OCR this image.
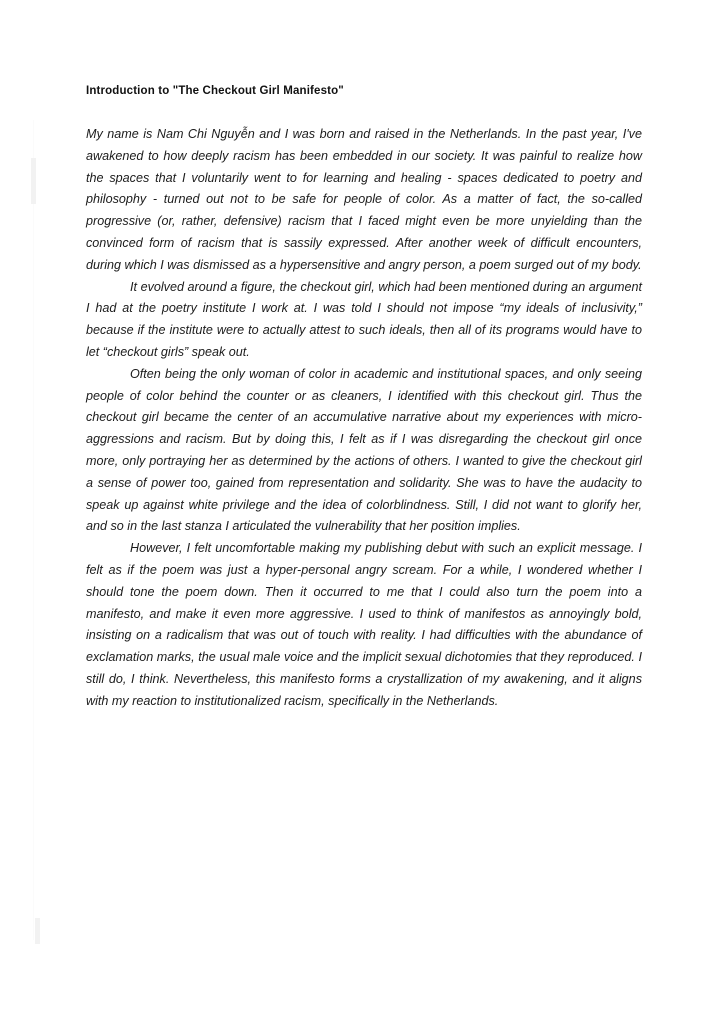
Introduction to "The Checkout Girl Manifesto"

My name is Nam Chi Nguyễn and I was born and raised in the Netherlands. In the past year, I've awakened to how deeply racism has been embedded in our society. It was painful to realize how the spaces that I voluntarily went to for learning and healing - spaces dedicated to poetry and philosophy - turned out not to be safe for people of color. As a matter of fact, the so-called progressive (or, rather, defensive) racism that I faced might even be more unyielding than the convinced form of racism that is sassily expressed. After another week of difficult encounters, during which I was dismissed as a hypersensitive and angry person, a poem surged out of my body.

It evolved around a figure, the checkout girl, which had been mentioned during an argument I had at the poetry institute I work at. I was told I should not impose “my ideals of inclusivity,” because if the institute were to actually attest to such ideals, then all of its programs would have to let “checkout girls” speak out.

Often being the only woman of color in academic and institutional spaces, and only seeing people of color behind the counter or as cleaners, I identified with this checkout girl. Thus the checkout girl became the center of an accumulative narrative about my experiences with micro-aggressions and racism. But by doing this, I felt as if I was disregarding the checkout girl once more, only portraying her as determined by the actions of others. I wanted to give the checkout girl a sense of power too, gained from representation and solidarity. She was to have the audacity to speak up against white privilege and the idea of colorblindness. Still, I did not want to glorify her, and so in the last stanza I articulated the vulnerability that her position implies.

However, I felt uncomfortable making my publishing debut with such an explicit message. I felt as if the poem was just a hyper-personal angry scream. For a while, I wondered whether I should tone the poem down. Then it occurred to me that I could also turn the poem into a manifesto, and make it even more aggressive. I used to think of manifestos as annoyingly bold, insisting on a radicalism that was out of touch with reality. I had difficulties with the abundance of exclamation marks, the usual male voice and the implicit sexual dichotomies that they reproduced. I still do, I think. Nevertheless, this manifesto forms a crystallization of my awakening, and it aligns with my reaction to institutionalized racism, specifically in the Netherlands.
